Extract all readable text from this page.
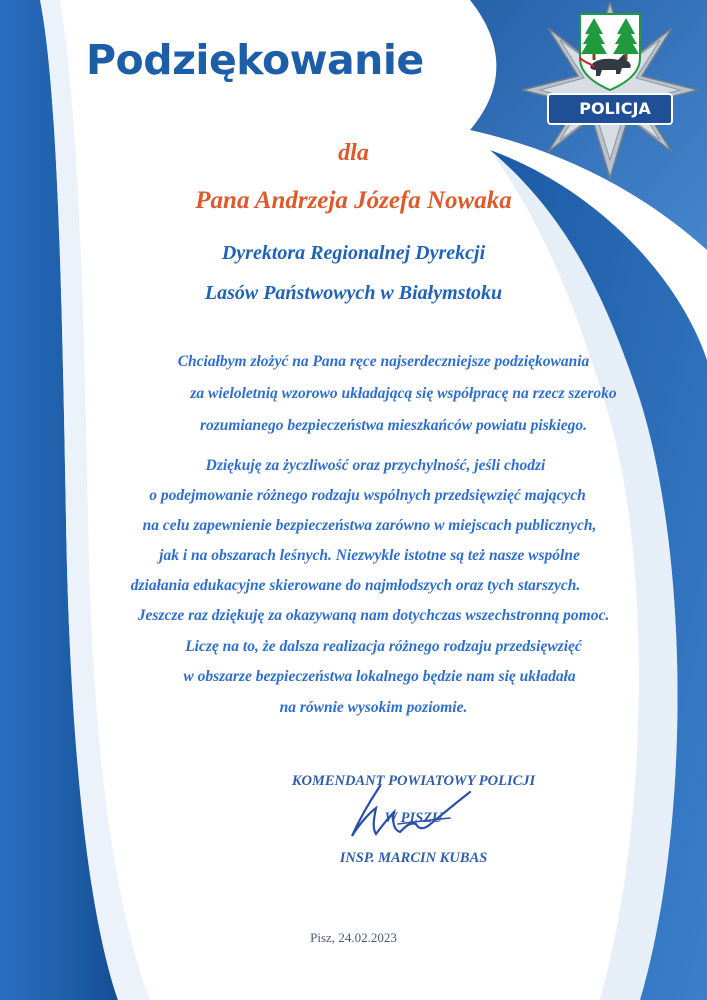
Podziękowanie
POLICJA

dla

Pana Andrzeja Józefa Nowaka

Dyrektora Regionalnej Dyrekcji

Lasów Państwowych w Białymstoku

Chciałbym złożyć na Pana ręce najserdeczniejsze podziękowania

za wieloletnią wzorowo układającą się współpracę na rzecz szeroko

rozumianego bezpieczeństwa mieszkańców powiatu piskiego.

Dziękuję za życzliwość oraz przychylność, jeśli chodzi

o podejmowanie różnego rodzaju wspólnych przedsięwzięć mających

na celu zapewnienie bezpieczeństwa zarówno w miejscach publicznych,

jak i na obszarach leśnych. Niezwykle istotne są też nasze wspólne

działania edukacyjne skierowane do najmłodszych oraz tych starszych.

Jeszcze raz dziękuję za okazywaną nam dotychczas wszechstronną pomoc.

Liczę na to, że dalsza realizacja różnego rodzaju przedsięwzięć

w obszarze bezpieczeństwa lokalnego będzie nam się układała

na równie wysokim poziomie.

KOMENDANT POWIATOWY POLICJI

W PISZU

INSP. MARCIN KUBAS

Pisz, 24.02.2023
